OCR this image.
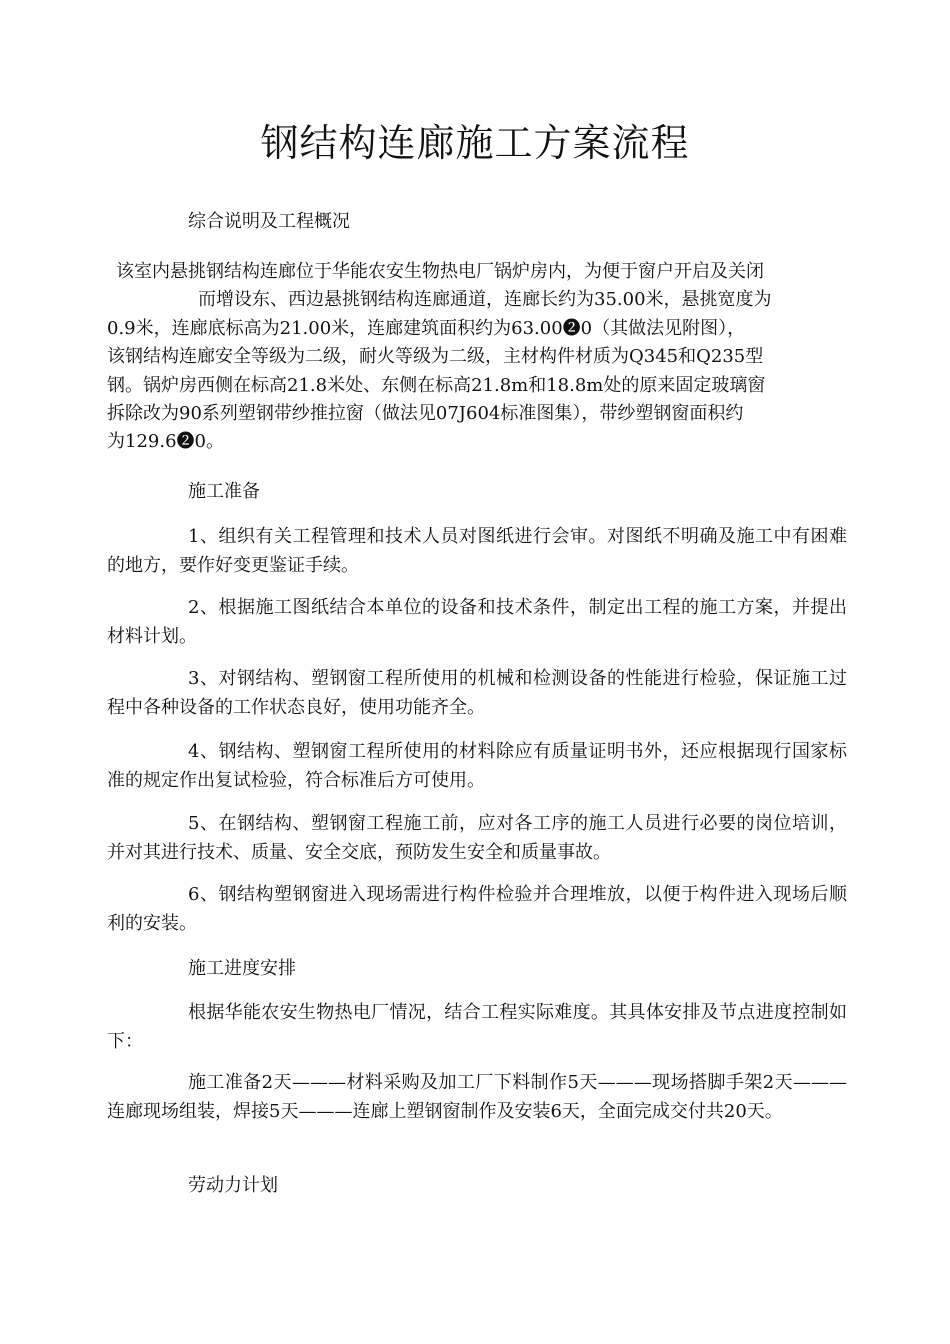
钢结构连廊施工方案流程

综合说明及工程概况

该室内悬挑钢结构连廊位于华能农安生物热电厂锅炉房内，为便于窗户开启及关闭

而增设东、西边悬挑钢结构连廊通道，连廊长约为35.00米，悬挑宽度为

0.9米，连廊底标高为21.00米，连廊建筑面积约为63.00❷0（其做法见附图），

该钢结构连廊安全等级为二级，耐火等级为二级，主材构件材质为Q345和Q235型

钢。锅炉房西侧在标高21.8米处、东侧在标高21.8m和18.8m处的原来固定玻璃窗

拆除改为90系列塑钢带纱推拉窗（做法见07J604标准图集），带纱塑钢窗面积约

为129.6❷0。

施工准备

1、组织有关工程管理和技术人员对图纸进行会审。对图纸不明确及施工中有困难的地方，要作好变更鉴证手续。

2、根据施工图纸结合本单位的设备和技术条件，制定出工程的施工方案，并提出材料计划。

3、对钢结构、塑钢窗工程所使用的机械和检测设备的性能进行检验，保证施工过程中各种设备的工作状态良好，使用功能齐全。

4、钢结构、塑钢窗工程所使用的材料除应有质量证明书外，还应根据现行国家标准的规定作出复试检验，符合标准后方可使用。

5、在钢结构、塑钢窗工程施工前，应对各工序的施工人员进行必要的岗位培训，并对其进行技术、质量、安全交底，预防发生安全和质量事故。

6、钢结构塑钢窗进入现场需进行构件检验并合理堆放，以便于构件进入现场后顺利的安装。

施工进度安排

根据华能农安生物热电厂情况，结合工程实际难度。其具体安排及节点进度控制如下：

施工准备2天———材料采购及加工厂下料制作5天———现场搭脚手架2天———连廊现场组装，焊接5天———连廊上塑钢窗制作及安装6天，全面完成交付共20天。

劳动力计划
